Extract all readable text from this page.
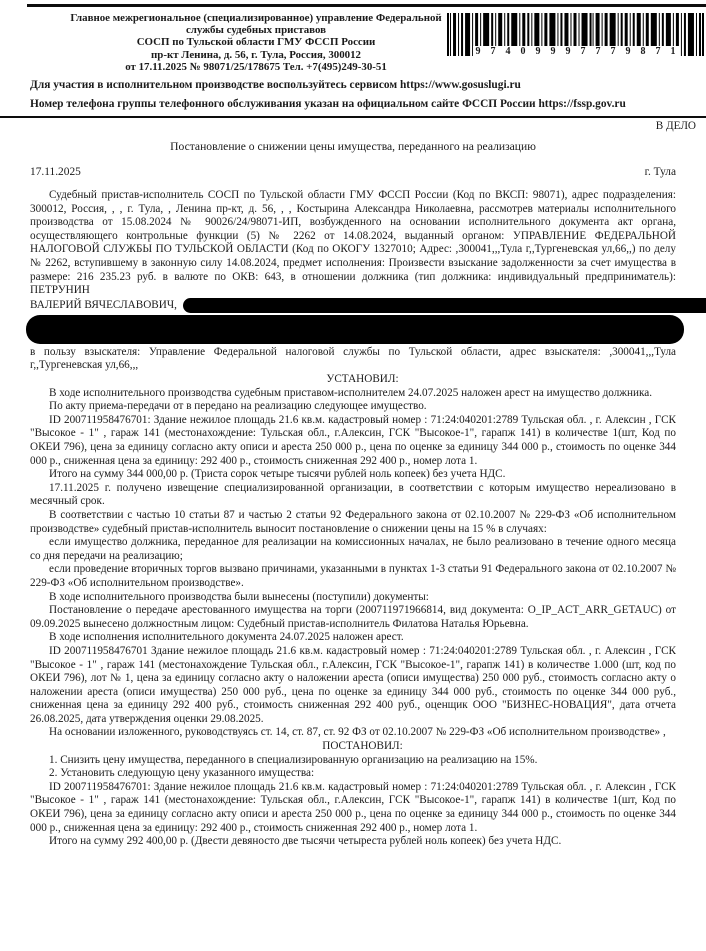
Главное межрегиональное (специализированное) управление Федеральной
службы судебных приставов
СОСП по Тульской области ГМУ ФССП России
пр-кт Ленина, д. 56, г. Тула, Россия, 300012
от 17.11.2025 № 98071/25/178675 Тел. +7(495)249-30-51
9 7 4 0 9 9 9 7 7 7 9 8 7 1
Для участия в исполнительном производстве воспользуйтесь сервисом https://www.gosuslugi.ru
Номер телефона группы телефонного обслуживания указан на официальном сайте ФССП России https://fssp.gov.ru
В ДЕЛО
Постановление о снижении цены имущества, переданного на реализацию
17.11.2025	г. Тула

Судебный пристав-исполнитель СОСП по Тульской области ГМУ ФССП России (Код по ВКСП: 98071), адрес подразделения: 300012, Россия, , , г. Тула, , Ленина пр-кт, д. 56, , , Костырина Александра Николаевна, рассмотрев материалы исполнительного производства от 15.08.2024 № 90026/24/98071-ИП, возбужденного на основании исполнительного документа акт органа, осуществляющего контрольные функции (5) № 2262 от 14.08.2024, выданный органом: УПРАВЛЕНИЕ ФЕДЕРАЛЬНОЙ НАЛОГОВОЙ СЛУЖБЫ ПО ТУЛЬСКОЙ ОБЛАСТИ (Код по ОКОГУ 1327010; Адрес: ,300041,,,Тула г,,Тургеневская ул,66,,) по делу № 2262, вступившему в законную силу 14.08.2024, предмет исполнения: Произвести взыскание задолженности за счет имущества в размере: 216 235.23 руб. в валюте по ОКВ: 643, в отношении должника (тип должника: индивидуальный предприниматель): ПЕТРУНИН

ВАЛЕРИЙ ВЯЧЕСЛАВОВИЧ,

в пользу взыскателя: Управление Федеральной налоговой службы по Тульской области, адрес взыскателя: ,300041,,,Тула г,,Тургеневская ул,66,,,

УСТАНОВИЛ:

В ходе исполнительного производства судебным приставом-исполнителем 24.07.2025 наложен арест на имущество должника.

По акту приема-передачи от в передано на реализацию следующее имущество.

ID 200711958476701: Здание нежилое площадь 21.6 кв.м. кадастровый номер : 71:24:040201:2789 Тульская обл. , г. Алексин , ГСК "Высокое - 1" , гараж 141 (местонахождение: Тульская обл., г.Алексин, ГСК "Высокое-1", гарапж 141) в количестве 1(шт, Код по ОКЕИ 796), цена за единицу согласно акту описи и ареста 250 000 р., цена по оценке за единицу 344 000 р., стоимость по оценке 344 000 р., сниженная цена за единицу: 292 400 р., стоимость сниженная 292 400 р., номер лота 1.

Итого на сумму 344 000,00 р. (Триста сорок четыре тысячи рублей ноль копеек) без учета НДС.

17.11.2025 г. получено извещение специализированной организации, в соответствии с которым имущество нереализовано в месячный срок.

В соответствии с частью 10 статьи 87 и частью 2 статьи 92 Федерального закона от 02.10.2007 № 229-ФЗ «Об исполнительном производстве» судебный пристав-исполнитель выносит постановление о снижении цены на 15 % в случаях:

если имущество должника, переданное для реализации на комиссионных началах, не было реализовано в течение одного месяца со дня передачи на реализацию;

если проведение вторичных торгов вызвано причинами, указанными в пунктах 1-3 статьи 91 Федерального закона от 02.10.2007 № 229-ФЗ «Об исполнительном производстве».

В ходе исполнительного производства были вынесены (поступили) документы:

Постановление о передаче арестованного имущества на торги (200711971966814, вид документа: O_IP_ACT_ARR_GETAUC) от 09.09.2025 вынесено должностным лицом: Судебный пристав-исполнитель Филатова Наталья Юрьевна.

В ходе исполнения исполнительного документа 24.07.2025 наложен арест.

ID 200711958476701 Здание нежилое площадь 21.6 кв.м. кадастровый номер : 71:24:040201:2789 Тульская обл. , г. Алексин , ГСК "Высокое - 1" , гараж 141 (местонахождение Тульская обл., г.Алексин, ГСК "Высокое-1", гарапж 141) в количестве 1.000 (шт, код по ОКЕИ 796), лот № 1, цена за единицу согласно акту о наложении ареста (описи имущества) 250 000 руб., стоимость согласно акту о наложении ареста (описи имущества) 250 000 руб., цена по оценке за единицу 344 000 руб., стоимость по оценке 344 000 руб., сниженная цена за единицу 292 400 руб., стоимость сниженная 292 400 руб., оценщик ООО "БИЗНЕС-НОВАЦИЯ", дата отчета 26.08.2025, дата утверждения оценки 29.08.2025.

На основании изложенного, руководствуясь ст. 14, ст. 87, ст. 92 ФЗ от 02.10.2007 № 229-ФЗ «Об исполнительном производстве» ,

ПОСТАНОВИЛ:

1. Снизить цену имущества, переданного в специализированную организацию на реализацию на 15%.

2. Установить следующую цену указанного имущества:

ID 200711958476701: Здание нежилое площадь 21.6 кв.м. кадастровый номер : 71:24:040201:2789 Тульская обл. , г. Алексин , ГСК "Высокое - 1" , гараж 141 (местонахождение: Тульская обл., г.Алексин, ГСК "Высокое-1", гарапж 141) в количестве 1(шт, Код по ОКЕИ 796), цена за единицу согласно акту описи и ареста 250 000 р., цена по оценке за единицу 344 000 р., стоимость по оценке 344 000 р., сниженная цена за единицу: 292 400 р., стоимость сниженная 292 400 р., номер лота 1.

Итого на сумму 292 400,00 р. (Двести девяносто две тысячи четыреста рублей ноль копеек) без учета НДС.
